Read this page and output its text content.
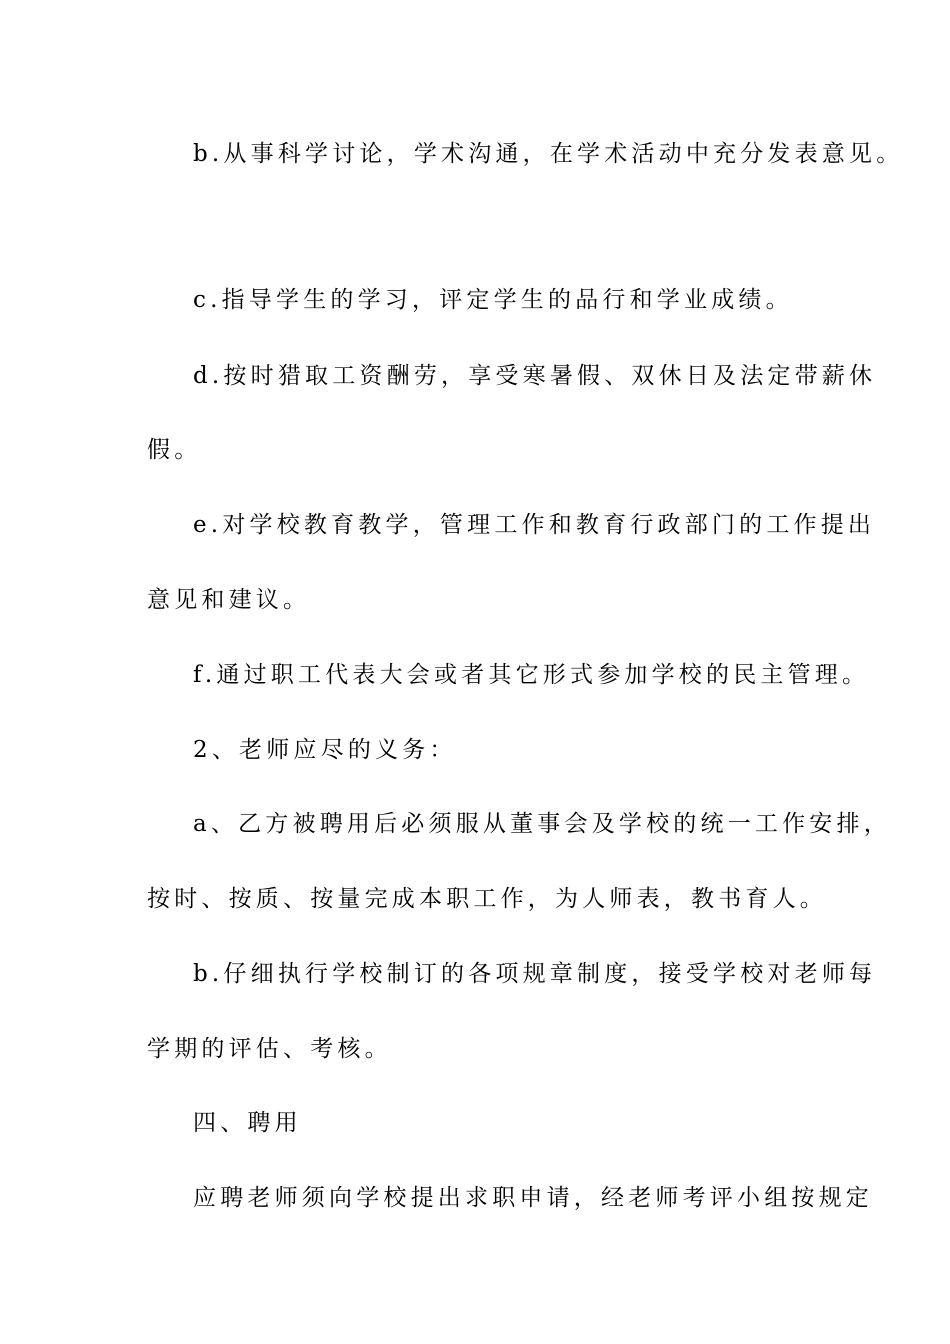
b.从事科学讨论，学术沟通，在学术活动中充分发表意见。
c.指导学生的学习，评定学生的品行和学业成绩。
d.按时猎取工资酬劳，享受寒暑假、双休日及法定带薪休
假。
e.对学校教育教学，管理工作和教育行政部门的工作提出
意见和建议。
f.通过职工代表大会或者其它形式参加学校的民主管理。
2、老师应尽的义务：
a、乙方被聘用后必须服从董事会及学校的统一工作安排，
按时、按质、按量完成本职工作，为人师表，教书育人。
b.仔细执行学校制订的各项规章制度，接受学校对老师每
学期的评估、考核。
四、聘用
应聘老师须向学校提出求职申请，经老师考评小组按规定
